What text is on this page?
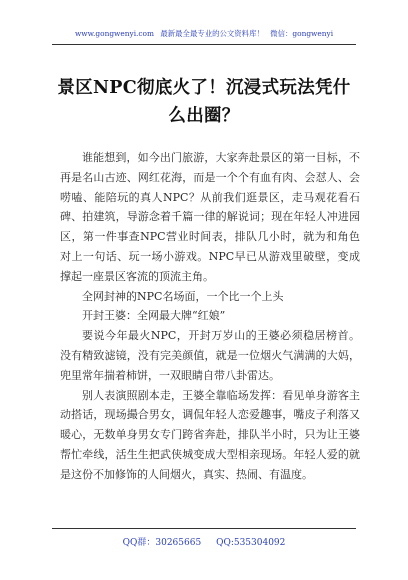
www.gongwenyi.com 最新最全最专业的公文资料库！ 微信：gongwenyi
景区NPC彻底火了！沉浸式玩法凭什么出圈？

谁能想到，如今出门旅游，大家奔赴景区的第一目标，不再是名山古迹、网红花海，而是一个个有血有肉、会怼人、会唠嗑、能陪玩的真人NPC？从前我们逛景区，走马观花看石碑、拍建筑，导游念着千篇一律的解说词；现在年轻人冲进园区，第一件事查NPC营业时间表，排队几小时，就为和角色对上一句话、玩一场小游戏。NPC早已从游戏里破壁，变成撑起一座景区客流的顶流主角。

全网封神的NPC名场面，一个比一个上头

开封王婆：全网最大牌“红娘”

要说今年最火NPC，开封万岁山的王婆必须稳居榜首。没有精致滤镜，没有完美颜值，就是一位烟火气满满的大妈，兜里常年揣着柿饼，一双眼睛自带八卦雷达。

别人表演照剧本走，王婆全靠临场发挥：看见单身游客主动搭话，现场撮合男女，调侃年轻人恋爱趣事，嘴皮子利落又暖心，无数单身男女专门跨省奔赴，排队半小时，只为让王婆帮忙牵线，活生生把武侠城变成大型相亲现场。年轻人爱的就是这份不加修饰的人间烟火，真实、热闹、有温度。

QQ群：30265665 QQ:535304092
